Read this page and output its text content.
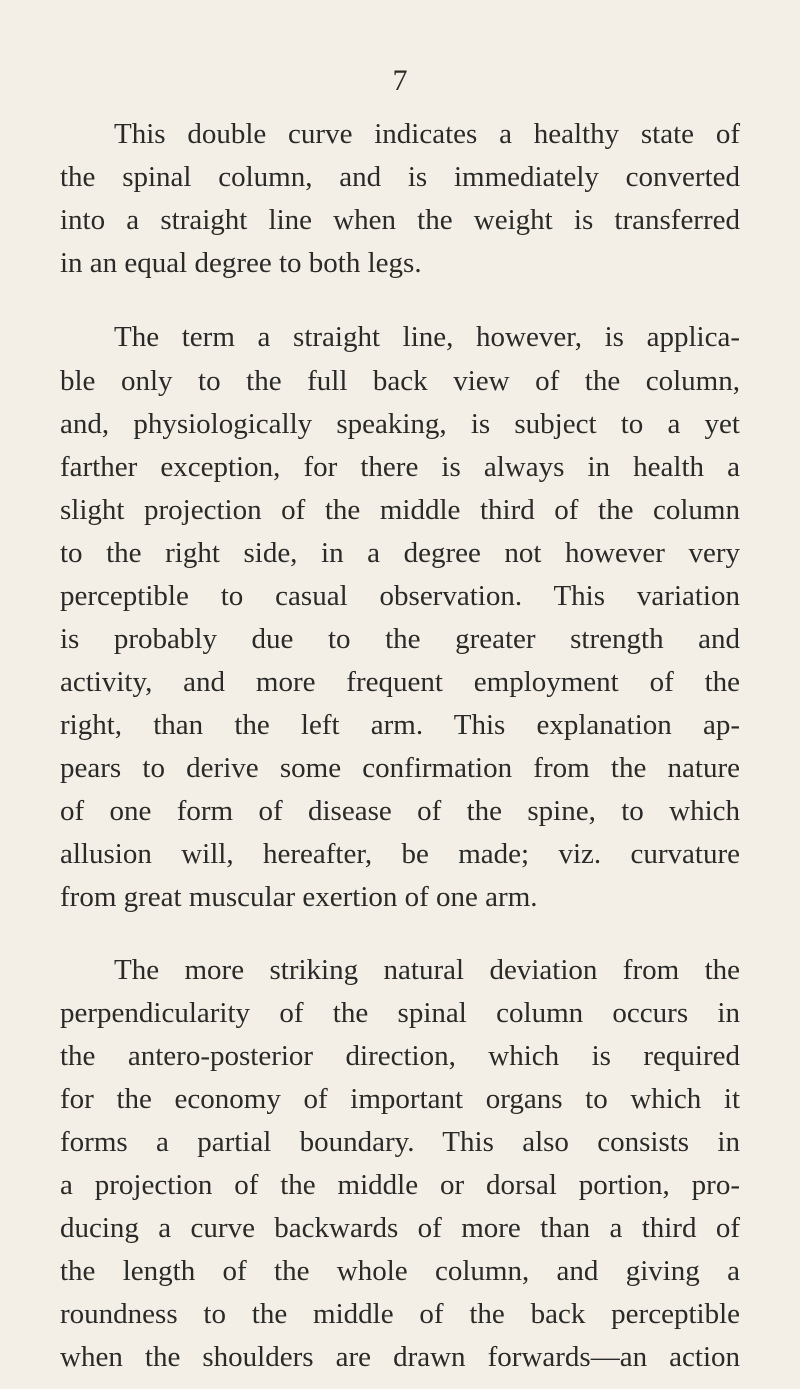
7
This double curve indicates a healthy state of
the spinal column, and is immediately converted
into a straight line when the weight is transferred
in an equal degree to both legs.
The term a straight line, however, is applica-
ble only to the full back view of the column,
and, physiologically speaking, is subject to a yet
farther exception, for there is always in health a
slight projection of the middle third of the column
to the right side, in a degree not however very
perceptible to casual observation. This variation
is probably due to the greater strength and
activity, and more frequent employment of the
right, than the left arm. This explanation ap-
pears to derive some confirmation from the nature
of one form of disease of the spine, to which
allusion will, hereafter, be made; viz. curvature
from great muscular exertion of one arm.
The more striking natural deviation from the
perpendicularity of the spinal column occurs in
the antero-posterior direction, which is required
for the economy of important organs to which it
forms a partial boundary. This also consists in
a projection of the middle or dorsal portion, pro-
ducing a curve backwards of more than a third of
the length of the whole column, and giving a
roundness to the middle of the back perceptible
when the shoulders are drawn forwards—an action
